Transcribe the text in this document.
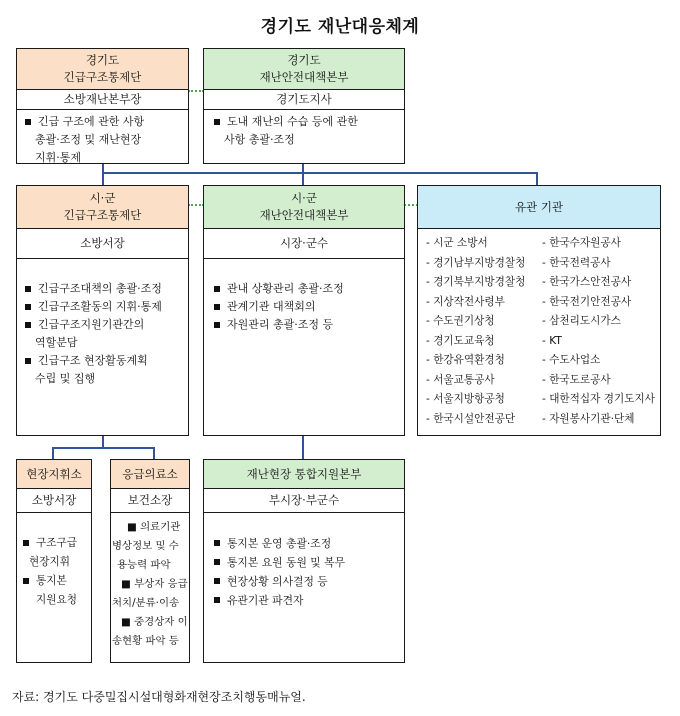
경기도 재난대응체계
경기도
긴급구조통제단
소방재난본부장
긴급 구조에 관한 사항
총괄·조정 및 재난현장
지휘·통제
경기도
재난안전대책본부
경기도지사
도내 재난의 수습 등에 관한
사항 총괄·조정
시·군
긴급구조통제단
소방서장
긴급구조대책의 총괄·조정
긴급구조활동의 지휘·통제
긴급구조지원기관간의
역할분담
긴급구조 현장활동계획
수립 및 집행
시·군
재난안전대책본부
시장·군수
관내 상황관리 총괄·조정
관계기관 대책회의
자원관리 총괄·조정 등
유관 기관
- 시군 소방서
- 경기남부지방경찰청
- 경기북부지방경찰청
- 지상작전사령부
- 수도권기상청
- 경기도교육청
- 한강유역환경청
- 서울교통공사
- 서울지방항공청
- 한국시설안전공단
- 한국수자원공사
- 한국전력공사
- 한국가스안전공사
- 한국전기안전공사
- 삼천리도시가스
- KT
- 수도사업소
- 한국도로공사
- 대한적십자 경기도지사
- 자원봉사기관·단체
현장지휘소
소방서장
구조구급
현장지휘
통지본
지원요청
응급의료소
보건소장
■ 의료기관
병상정보 및 수
용능력 파악
■ 부상자 응급
처치/분류·이송
■ 중경상자 이
송현황 파악 등
재난현장 통합지원본부
부시장·부군수
통지본 운영 총괄·조정
통지본 요원 동원 및 복무
현장상황 의사결정 등
유관기관 파견자
자료: 경기도 다중밀집시설대형화재현장조치행동매뉴얼.
